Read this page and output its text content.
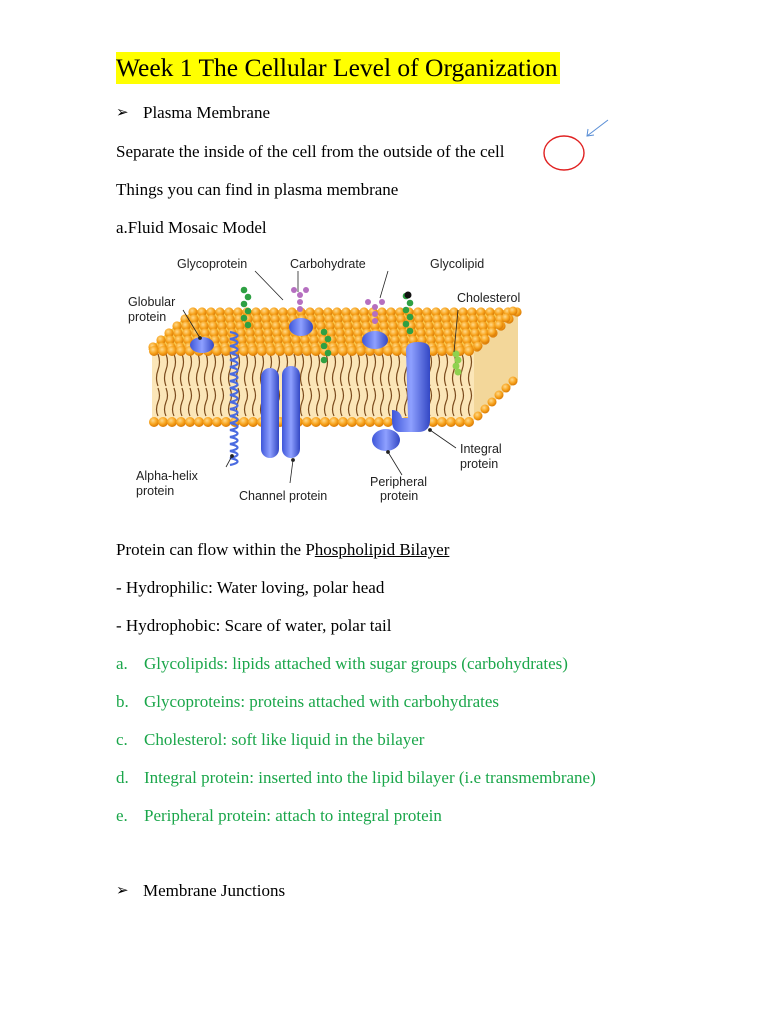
Week 1 The Cellular Level of Organization
➢ Plasma Membrane
Separate the inside of the cell from the outside of the cell
Things you can find in plasma membrane
a.Fluid Mosaic Model
Glycoprotein	Carbohydrate	Glycolipid
Globular
protein
Cholesterol
Integral
protein
Alpha-helix
protein	Channel protein
Peripheral
protein
Protein can flow within the Phospholipid Bilayer
- Hydrophilic: Water loving, polar head
- Hydrophobic: Scare of water, polar tail
a. Glycolipids: lipids attached with sugar groups (carbohydrates)
b. Glycoproteins: proteins attached with carbohydrates
c. Cholesterol: soft like liquid in the bilayer
d. Integral protein: inserted into the lipid bilayer (i.e transmembrane)
e. Peripheral protein: attach to integral protein
➢ Membrane Junctions
